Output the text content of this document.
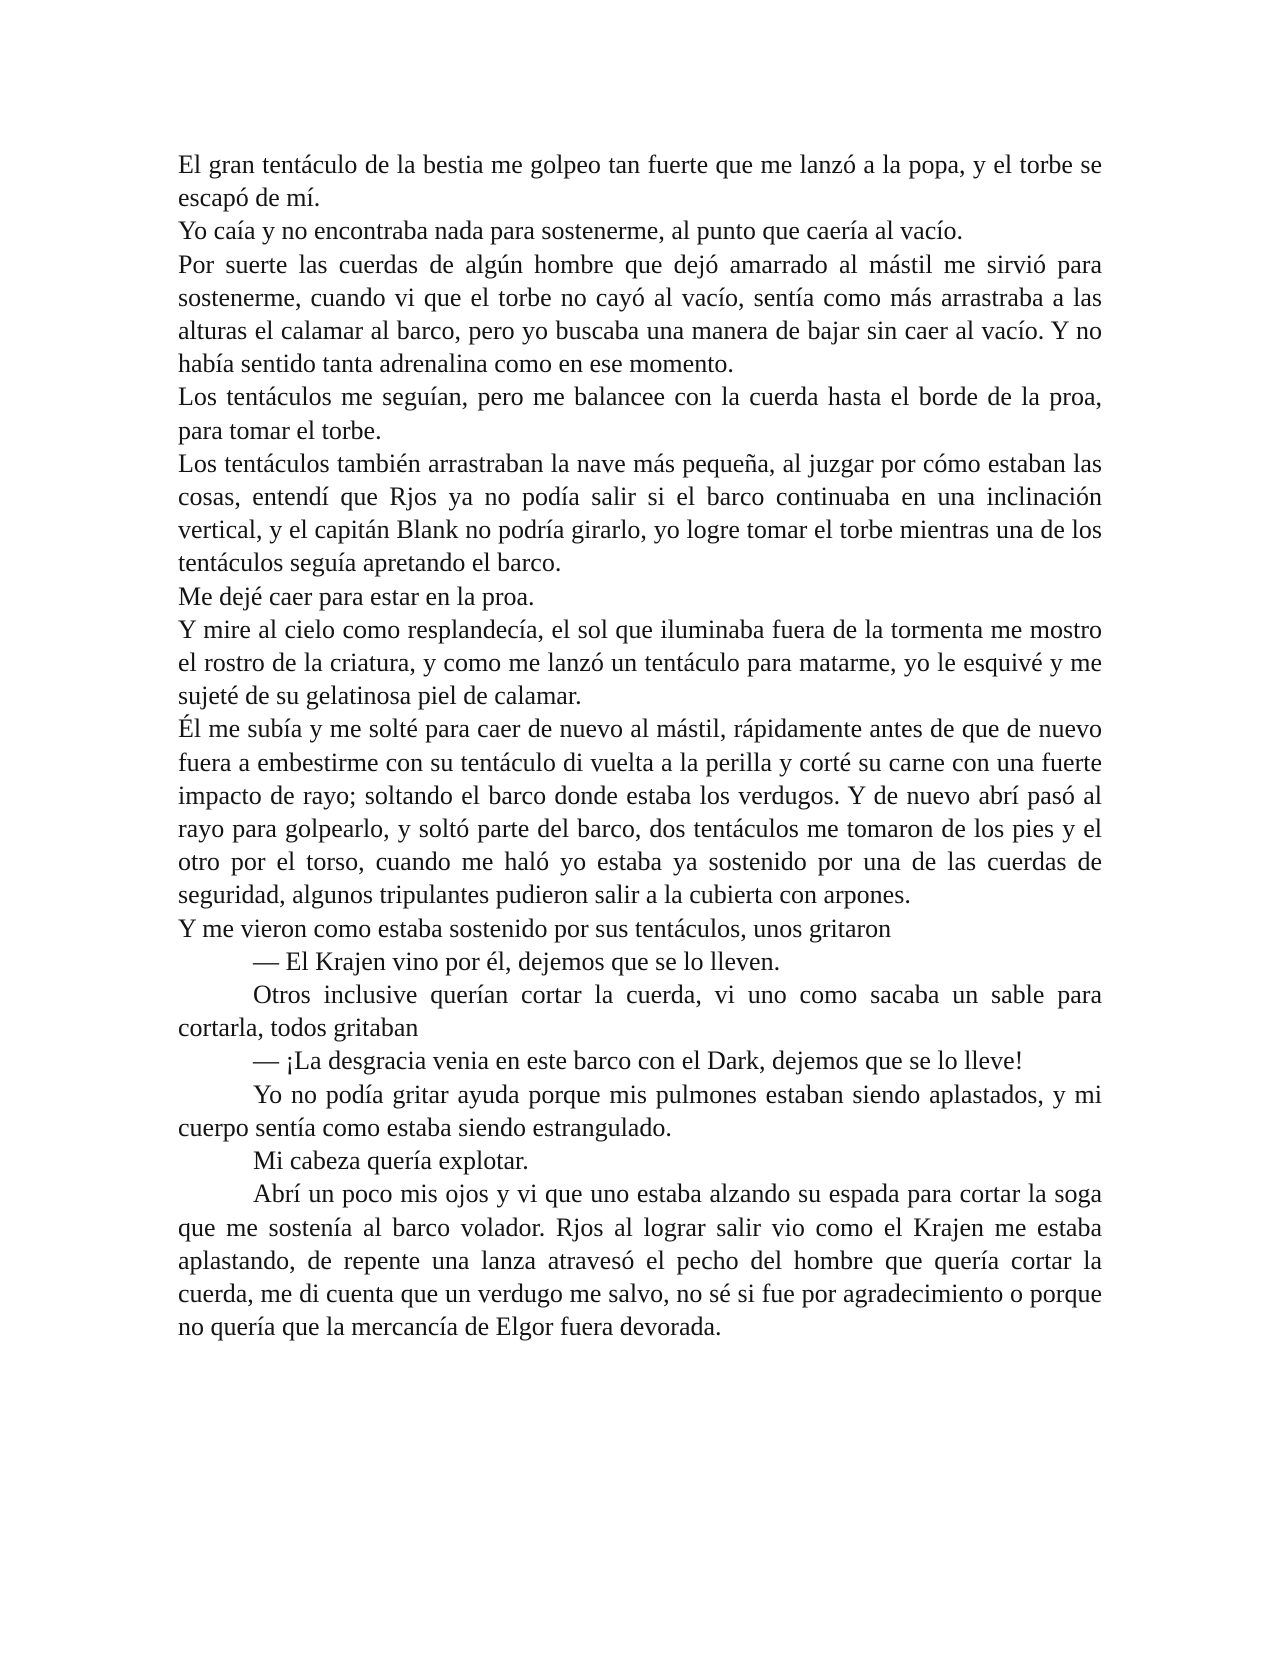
El gran tentáculo de la bestia me golpeo tan fuerte que me lanzó a la popa, y el torbe se escapó de mí.

Yo caía y no encontraba nada para sostenerme, al punto que caería al vacío.

Por suerte las cuerdas de algún hombre que dejó amarrado al mástil me sirvió para sostenerme, cuando vi que el torbe no cayó al vacío, sentía como más arrastraba a las alturas el calamar al barco, pero yo buscaba una manera de bajar sin caer al vacío. Y no había sentido tanta adrenalina como en ese momento.

Los tentáculos me seguían, pero me balancee con la cuerda hasta el borde de la proa, para tomar el torbe.

Los tentáculos también arrastraban la nave más pequeña, al juzgar por cómo estaban las cosas, entendí que Rjos ya no podía salir si el barco continuaba en una inclinación vertical, y el capitán Blank no podría girarlo, yo logre tomar el torbe mientras una de los tentáculos seguía apretando el barco.

Me dejé caer para estar en la proa.

Y mire al cielo como resplandecía, el sol que iluminaba fuera de la tormenta me mostro el rostro de la criatura, y como me lanzó un tentáculo para matarme, yo le esquivé y me sujeté de su gelatinosa piel de calamar.

Él me subía y me solté para caer de nuevo al mástil, rápidamente antes de que de nuevo fuera a embestirme con su tentáculo di vuelta a la perilla y corté su carne con una fuerte impacto de rayo; soltando el barco donde estaba los verdugos. Y de nuevo abrí pasó al rayo para golpearlo, y soltó parte del barco, dos tentáculos me tomaron de los pies y el otro por el torso, cuando me haló yo estaba ya sostenido por una de las cuerdas de seguridad, algunos tripulantes pudieron salir a la cubierta con arpones.

Y me vieron como estaba sostenido por sus tentáculos, unos gritaron

— El Krajen vino por él, dejemos que se lo lleven.

Otros inclusive querían cortar la cuerda, vi uno como sacaba un sable para cortarla, todos gritaban

— ¡La desgracia venia en este barco con el Dark, dejemos que se lo lleve!

Yo no podía gritar ayuda porque mis pulmones estaban siendo aplastados, y mi cuerpo sentía como estaba siendo estrangulado.

Mi cabeza quería explotar.

Abrí un poco mis ojos y vi que uno estaba alzando su espada para cortar la soga que me sostenía al barco volador. Rjos al lograr salir vio como el Krajen me estaba aplastando, de repente una lanza atravesó el pecho del hombre que quería cortar la cuerda, me di cuenta que un verdugo me salvo, no sé si fue por agradecimiento o porque no quería que la mercancía de Elgor fuera devorada.
